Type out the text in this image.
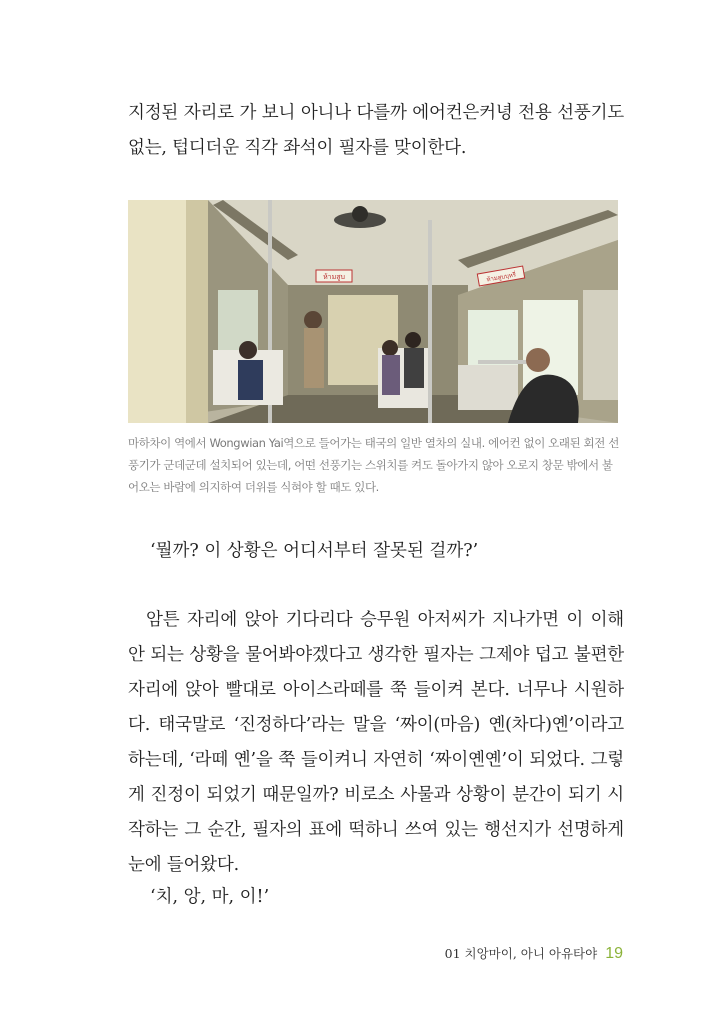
지정된 자리로 가 보니 아니나 다를까 에어컨은커녕 전용 선풍기도 없는, 텁디더운 직각 좌석이 필자를 맞이한다.

ห้ามสูบ	ห้ามสูบบุหรี่

마하차이 역에서 Wongwian Yai역으로 들어가는 태국의 일반 열차의 실내. 에어컨 없이 오래된 회전 선풍기가 군데군데 설치되어 있는데, 어떤 선풍기는 스위치를 켜도 돌아가지 않아 오로지 창문 밖에서 불어오는 바람에 의지하여 더위를 식혀야 할 때도 있다.

‘뭘까? 이 상황은 어디서부터 잘못된 걸까?’

암튼 자리에 앉아 기다리다 승무원 아저씨가 지나가면 이 이해 안 되는 상황을 물어봐야겠다고 생각한 필자는 그제야 덥고 불편한 자리에 앉아 빨대로 아이스라떼를 쭉 들이켜 본다. 너무나 시원하다. 태국말로 ‘진정하다’라는 말을 ‘짜이(마음) 옌(차다)옌’이라고 하는데, ‘라떼 옌’을 쭉 들이켜니 자연히 ‘짜이옌옌’이 되었다. 그렇게 진정이 되었기 때문일까? 비로소 사물과 상황이 분간이 되기 시작하는 그 순간, 필자의 표에 떡하니 쓰여 있는 행선지가 선명하게 눈에 들어왔다.

‘치, 앙, 마, 이!’

01 치앙마이, 아니 아유타야 19
